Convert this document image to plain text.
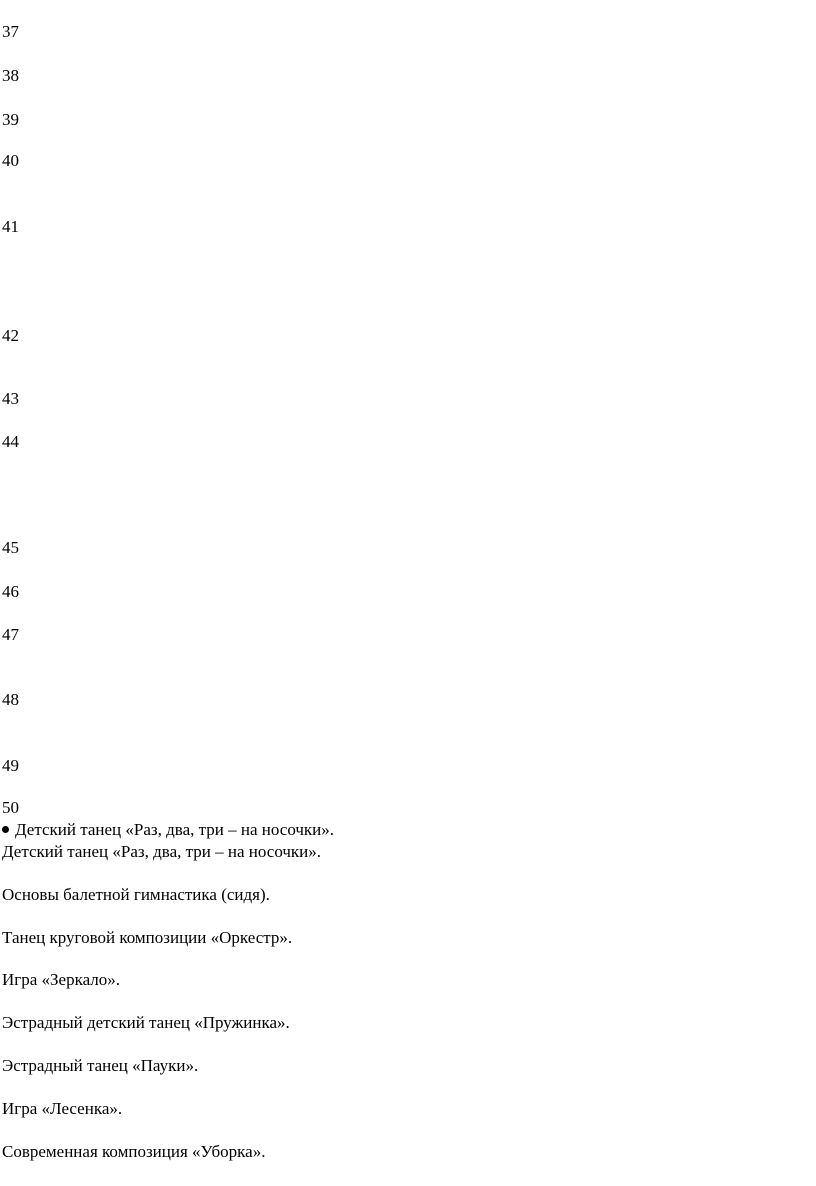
37
38
39
40
41
42
43
44
45
46
47
48
49
50
Детский танец «Раз, два, три – на носочки».
Детский танец «Раз, два, три – на носочки».
Основы балетной гимнастика (сидя).
Танец круговой композиции «Оркестр».
Игра «Зеркало».
Эстрадный детский танец «Пружинка».
Эстрадный танец «Пауки».
Игра «Лесенка».
Современная композиция «Уборка».
